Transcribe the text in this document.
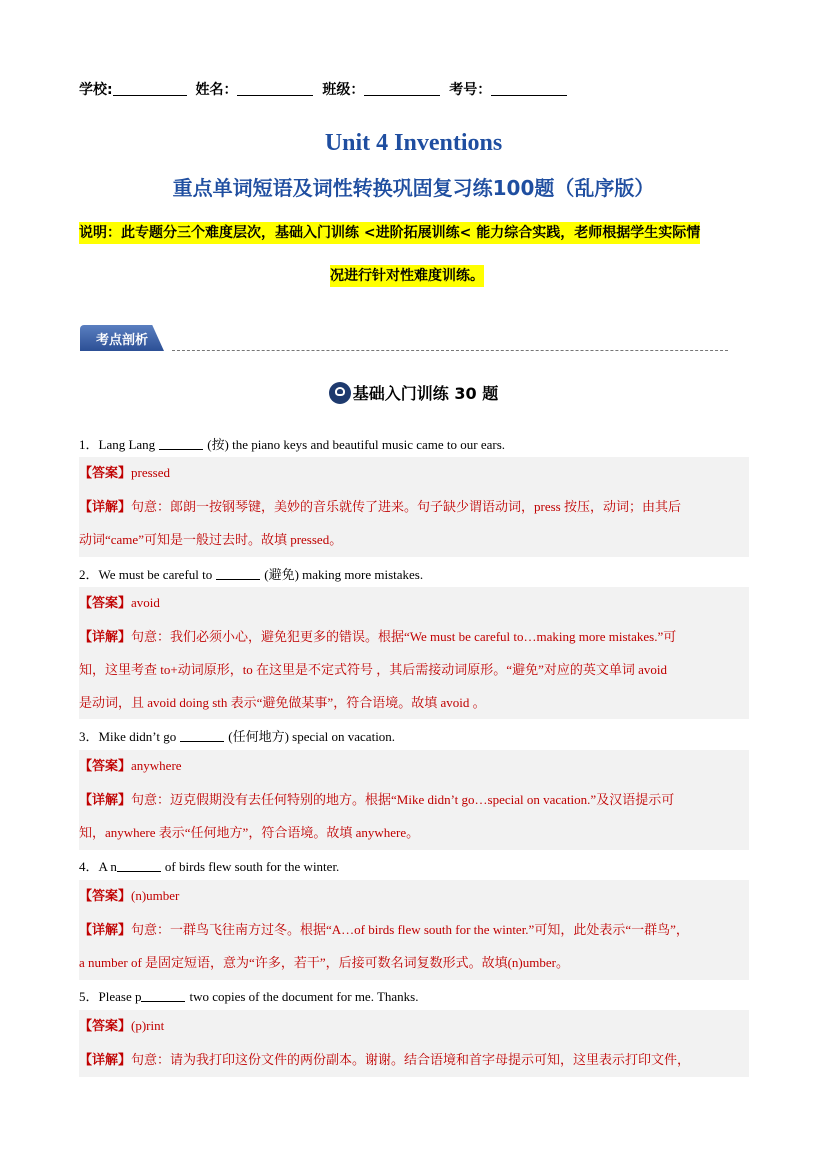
学校:	姓名：	班级：	考号：
Unit 4 Inventions
重点单词短语及词性转换巩固复习练100题（乱序版）
说明：此专题分三个难度层次，基础入门训练 <进阶拓展训练< 能力综合实践，老师根据学生实际情
况进行针对性难度训练。
考点剖析
基础入门训练 30 题
1．Lang Lang	(按) the piano keys and beautiful music came to our ears.
【答案】pressed
【详解】句意：郎朗一按钢琴键，美妙的音乐就传了进来。句子缺少谓语动词，press 按压，动词；由其后
动词“came”可知是一般过去时。故填 pressed。
2．We must be careful to	(避免) making more mistakes.
【答案】avoid
【详解】句意：我们必须小心，避免犯更多的错误。根据“We must be careful to…making more mistakes.”可
知，这里考查 to+动词原形，to 在这里是不定式符号 ，其后需接动词原形。“避免”对应的英文单词 avoid
是动词，且 avoid doing sth 表示“避免做某事”，符合语境。故填 avoid 。
3．Mike didn’t go	(任何地方) special on vacation.
【答案】anywhere
【详解】句意：迈克假期没有去任何特别的地方。根据“Mike didn’t go…special on vacation.”及汉语提示可
知，anywhere 表示“任何地方”，符合语境。故填 anywhere。
4．A n	of birds flew south for the winter.
【答案】(n)umber
【详解】句意：一群鸟飞往南方过冬。根据“A…of birds flew south for the winter.”可知，此处表示“一群鸟”，
a number of 是固定短语，意为“许多，若干”，后接可数名词复数形式。故填(n)umber。
5．Please p	two copies of the document for me. Thanks.
【答案】(p)rint
【详解】句意：请为我打印这份文件的两份副本。谢谢。结合语境和首字母提示可知，这里表示打印文件，
